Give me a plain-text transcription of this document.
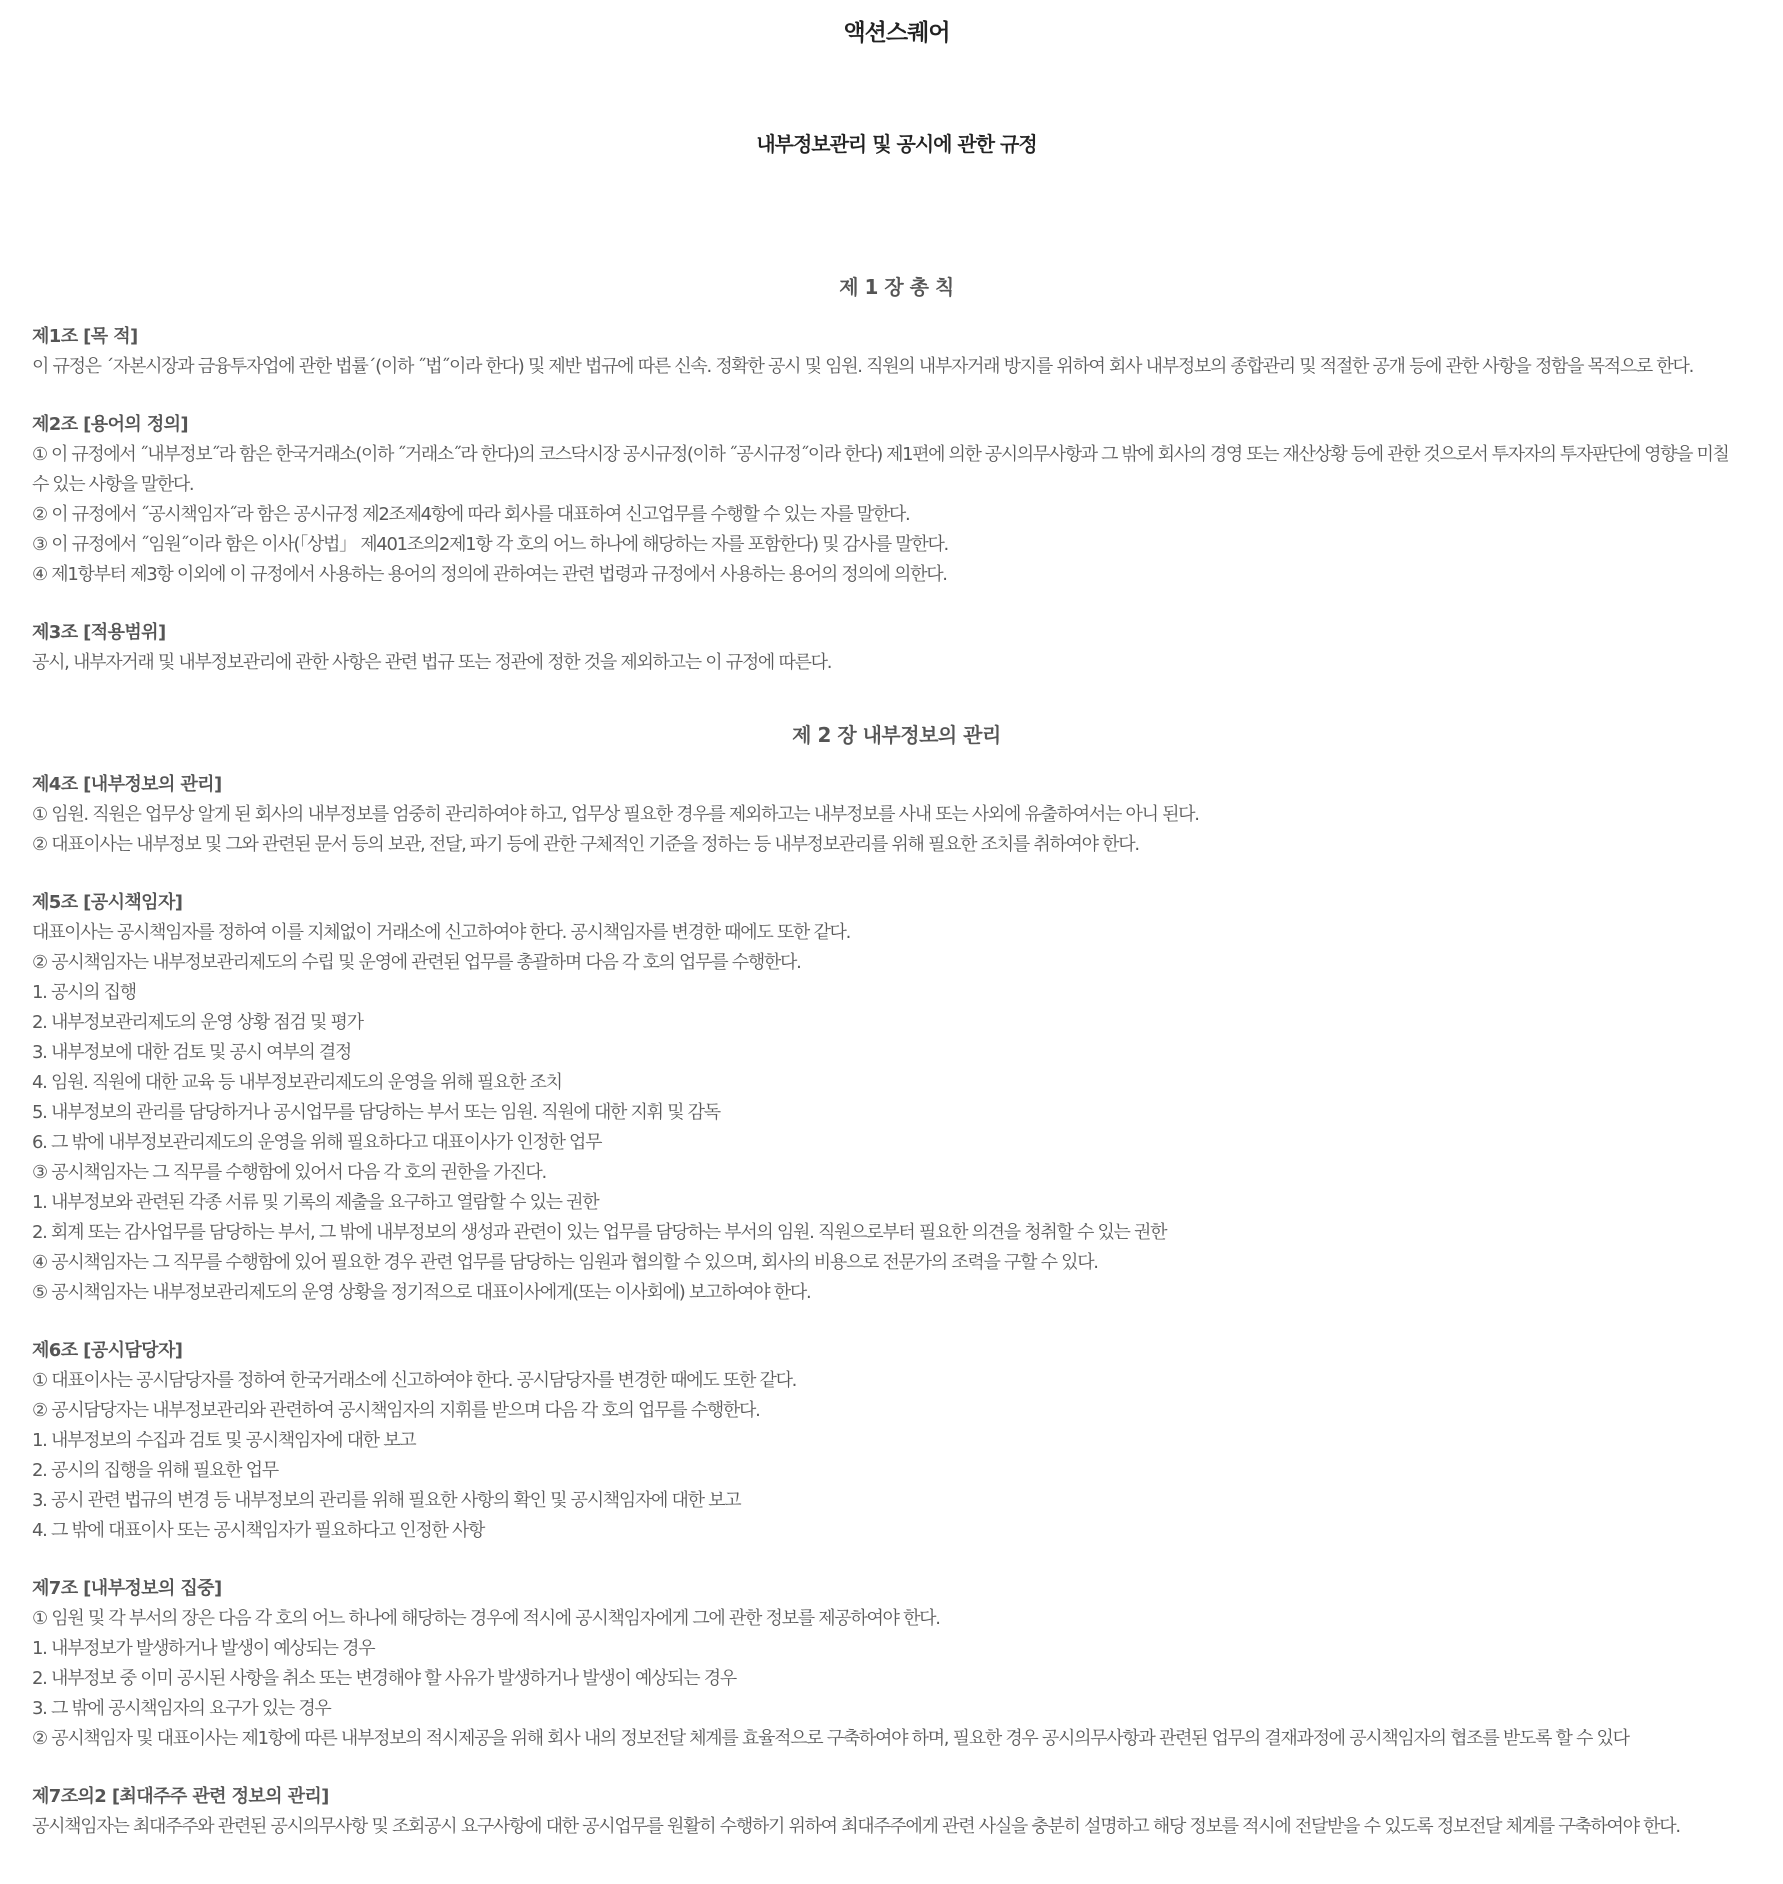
액션스퀘어
내부정보관리 및 공시에 관한 규정
제 1 장 총 칙
제1조 [목 적]
이 규정은 ´자본시장과 금융투자업에 관한 법률´(이하 ˝법˝이라 한다) 및 제반 법규에 따른 신속. 정확한 공시 및 임원. 직원의 내부자거래 방지를 위하여 회사 내부정보의 종합관리 및 적절한 공개 등에 관한 사항을 정함을 목적으로 한다.
제2조 [용어의 정의]
① 이 규정에서 ˝내부정보˝라 함은 한국거래소(이하 ˝거래소˝라 한다)의 코스닥시장 공시규정(이하 ˝공시규정˝이라 한다) 제1편에 의한 공시의무사항과 그 밖에 회사의 경영 또는 재산상황 등에 관한 것으로서 투자자의 투자판단에 영향을 미칠 수 있는 사항을 말한다.
② 이 규정에서 ˝공시책임자˝라 함은 공시규정 제2조제4항에 따라 회사를 대표하여 신고업무를 수행할 수 있는 자를 말한다.
③ 이 규정에서 ˝임원˝이라 함은 이사(「상법」 제401조의2제1항 각 호의 어느 하나에 해당하는 자를 포함한다) 및 감사를 말한다.
④ 제1항부터 제3항 이외에 이 규정에서 사용하는 용어의 정의에 관하여는 관련 법령과 규정에서 사용하는 용어의 정의에 의한다.
제3조 [적용범위]
공시, 내부자거래 및 내부정보관리에 관한 사항은 관련 법규 또는 정관에 정한 것을 제외하고는 이 규정에 따른다.
제 2 장 내부정보의 관리
제4조 [내부정보의 관리]
① 임원. 직원은 업무상 알게 된 회사의 내부정보를 엄중히 관리하여야 하고, 업무상 필요한 경우를 제외하고는 내부정보를 사내 또는 사외에 유출하여서는 아니 된다.
② 대표이사는 내부정보 및 그와 관련된 문서 등의 보관, 전달, 파기 등에 관한 구체적인 기준을 정하는 등 내부정보관리를 위해 필요한 조치를 취하여야 한다.
제5조 [공시책임자]
대표이사는 공시책임자를 정하여 이를 지체없이 거래소에 신고하여야 한다. 공시책임자를 변경한 때에도 또한 같다.
② 공시책임자는 내부정보관리제도의 수립 및 운영에 관련된 업무를 총괄하며 다음 각 호의 업무를 수행한다.
1. 공시의 집행
2. 내부정보관리제도의 운영 상황 점검 및 평가
3. 내부정보에 대한 검토 및 공시 여부의 결정
4. 임원. 직원에 대한 교육 등 내부정보관리제도의 운영을 위해 필요한 조치
5. 내부정보의 관리를 담당하거나 공시업무를 담당하는 부서 또는 임원. 직원에 대한 지휘 및 감독
6. 그 밖에 내부정보관리제도의 운영을 위해 필요하다고 대표이사가 인정한 업무
③ 공시책임자는 그 직무를 수행함에 있어서 다음 각 호의 권한을 가진다.
1. 내부정보와 관련된 각종 서류 및 기록의 제출을 요구하고 열람할 수 있는 권한
2. 회계 또는 감사업무를 담당하는 부서, 그 밖에 내부정보의 생성과 관련이 있는 업무를 담당하는 부서의 임원. 직원으로부터 필요한 의견을 청취할 수 있는 권한
④ 공시책임자는 그 직무를 수행함에 있어 필요한 경우 관련 업무를 담당하는 임원과 협의할 수 있으며, 회사의 비용으로 전문가의 조력을 구할 수 있다.
⑤ 공시책임자는 내부정보관리제도의 운영 상황을 정기적으로 대표이사에게(또는 이사회에) 보고하여야 한다.
제6조 [공시담당자]
① 대표이사는 공시담당자를 정하여 한국거래소에 신고하여야 한다. 공시담당자를 변경한 때에도 또한 같다.
② 공시담당자는 내부정보관리와 관련하여 공시책임자의 지휘를 받으며 다음 각 호의 업무를 수행한다.
1. 내부정보의 수집과 검토 및 공시책임자에 대한 보고
2. 공시의 집행을 위해 필요한 업무
3. 공시 관련 법규의 변경 등 내부정보의 관리를 위해 필요한 사항의 확인 및 공시책임자에 대한 보고
4. 그 밖에 대표이사 또는 공시책임자가 필요하다고 인정한 사항
제7조 [내부정보의 집중]
① 임원 및 각 부서의 장은 다음 각 호의 어느 하나에 해당하는 경우에 적시에 공시책임자에게 그에 관한 정보를 제공하여야 한다.
1. 내부정보가 발생하거나 발생이 예상되는 경우
2. 내부정보 중 이미 공시된 사항을 취소 또는 변경해야 할 사유가 발생하거나 발생이 예상되는 경우
3. 그 밖에 공시책임자의 요구가 있는 경우
② 공시책임자 및 대표이사는 제1항에 따른 내부정보의 적시제공을 위해 회사 내의 정보전달 체계를 효율적으로 구축하여야 하며, 필요한 경우 공시의무사항과 관련된 업무의 결재과정에 공시책임자의 협조를 받도록 할 수 있다
제7조의2 [최대주주 관련 정보의 관리]
공시책임자는 최대주주와 관련된 공시의무사항 및 조회공시 요구사항에 대한 공시업무를 원활히 수행하기 위하여 최대주주에게 관련 사실을 충분히 설명하고 해당 정보를 적시에 전달받을 수 있도록 정보전달 체계를 구축하여야 한다.
